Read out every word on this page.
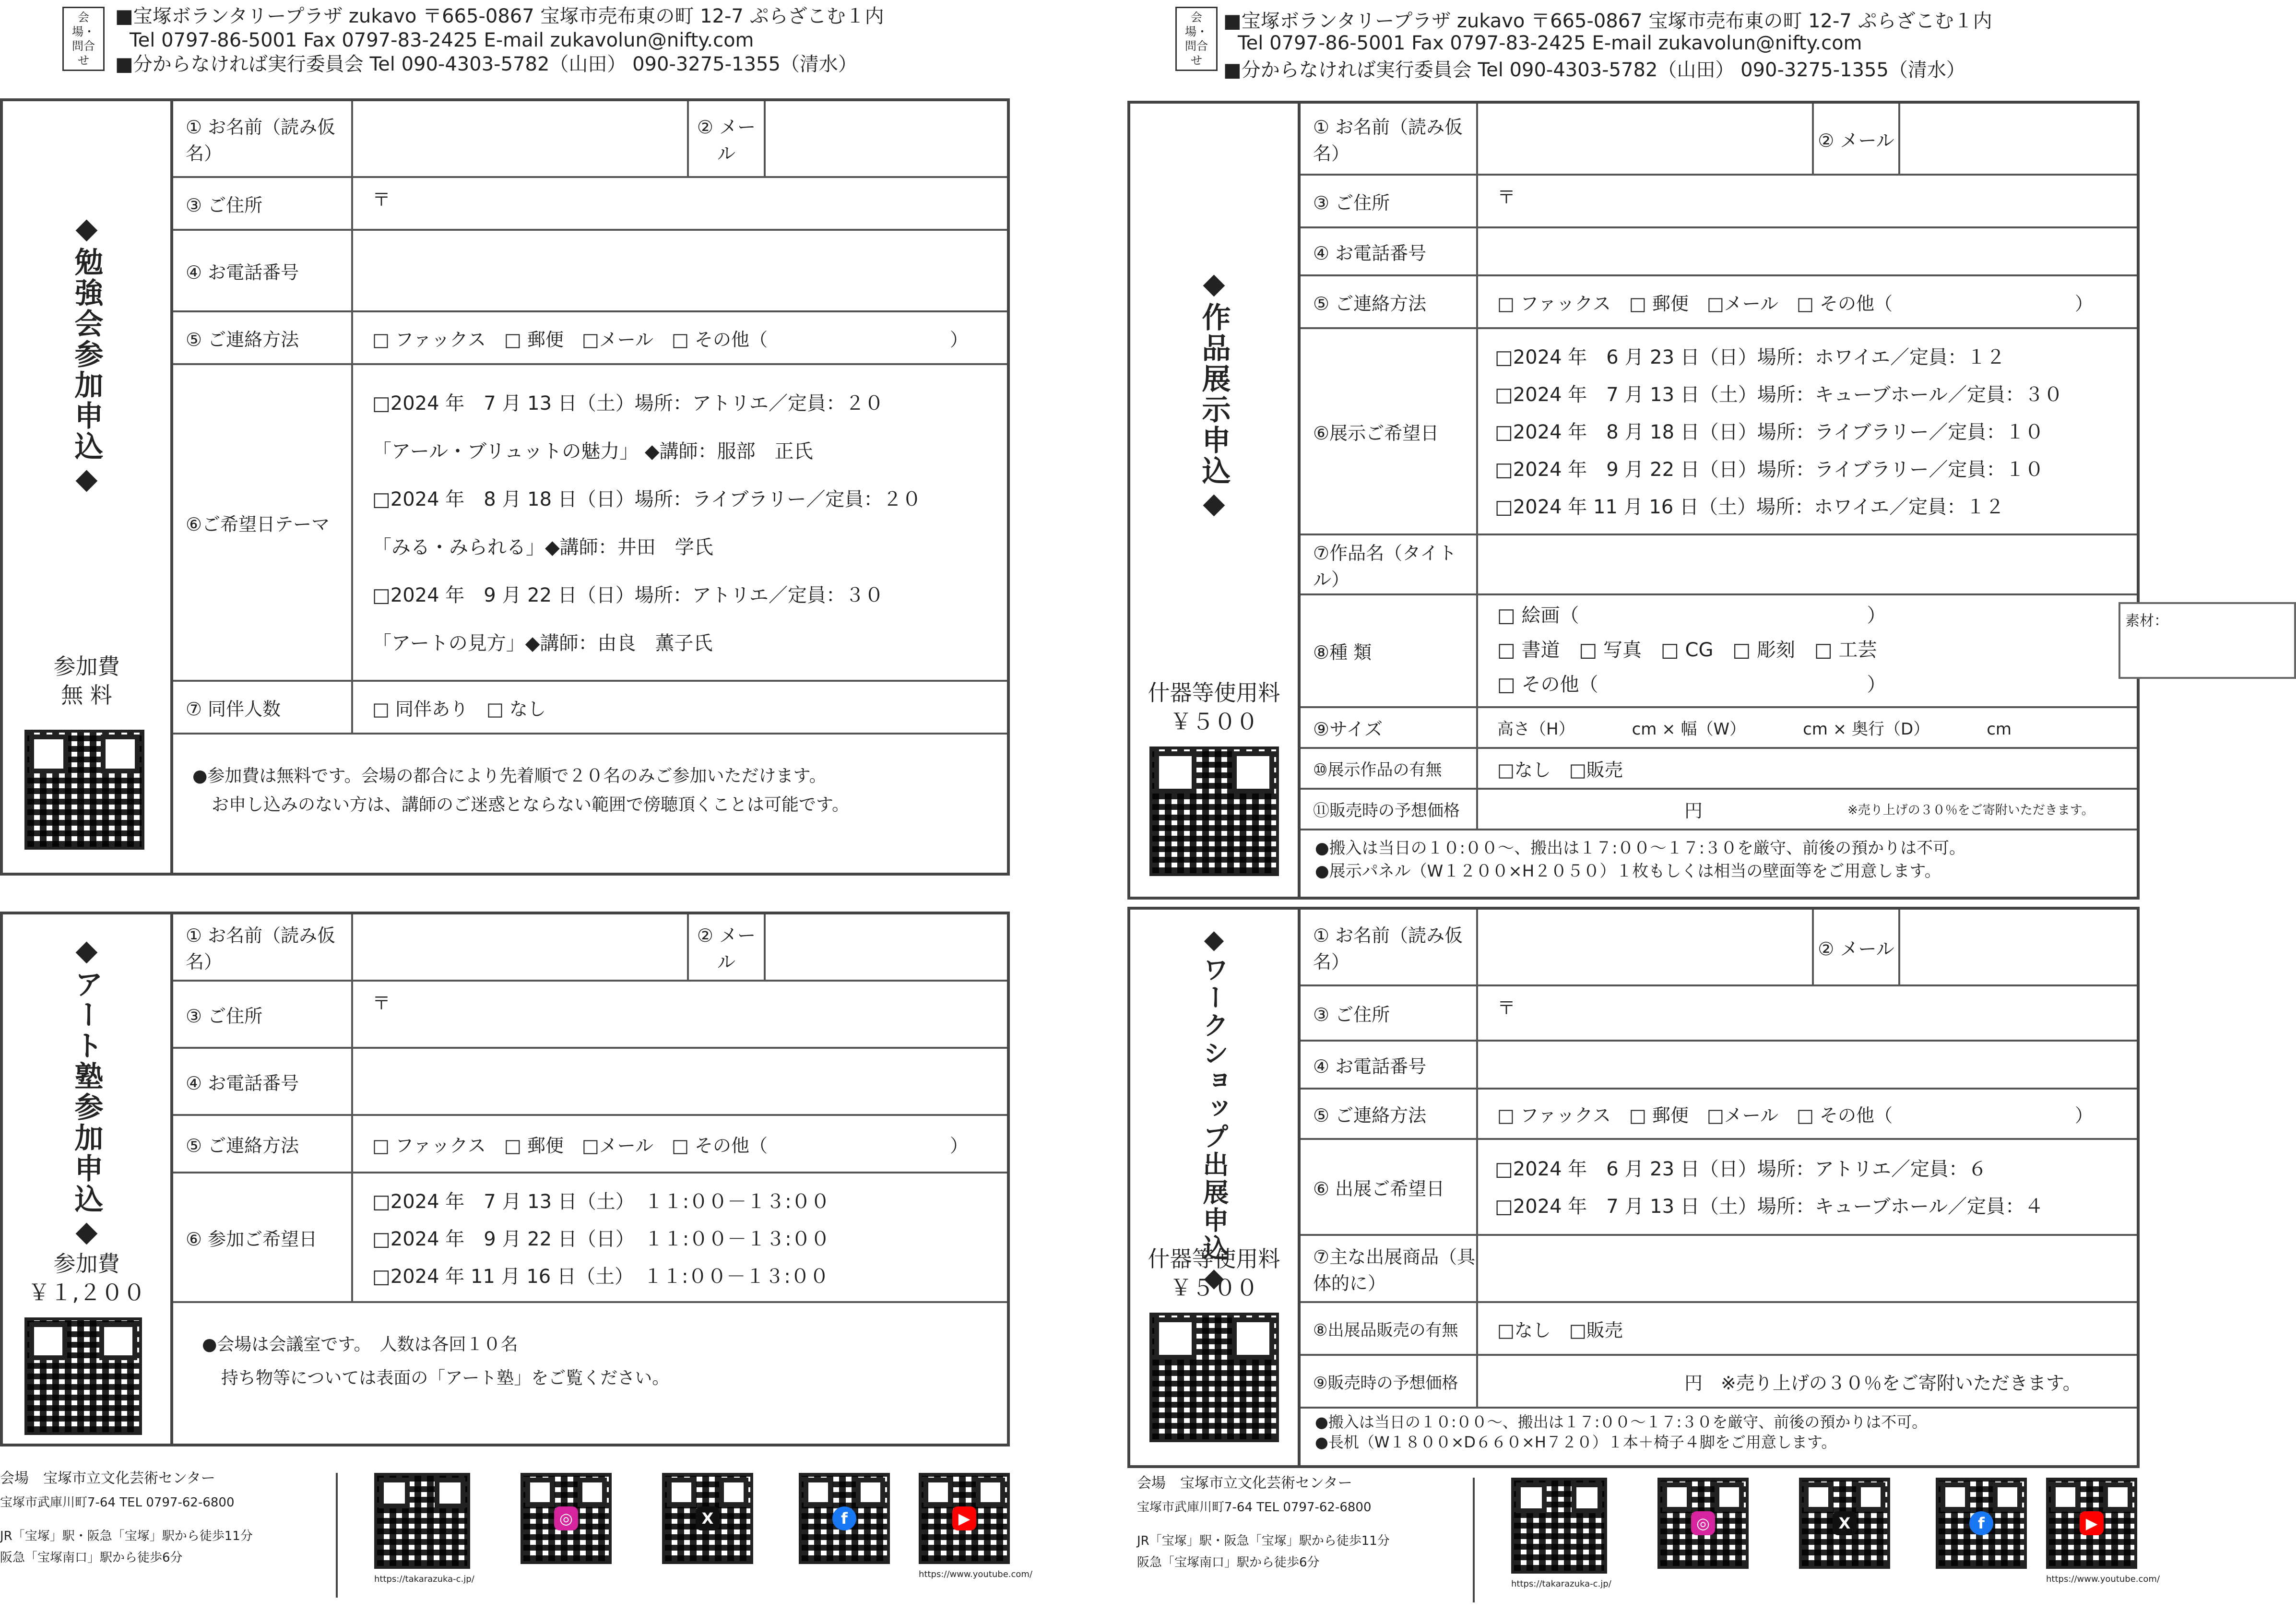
会場・問合せ
■宝塚ボランタリープラザ zukavo 〒665-0867 宝塚市売布東の町 12-7 ぷらざこむ１内
Tel 0797-86-5001 Fax 0797-83-2425 E-mail zukavolun@nifty.com
■分からなければ実行委員会 Tel 090-4303-5782（山田） 090-3275-1355（清水）
会場・問合せ
■宝塚ボランタリープラザ zukavo 〒665-0867 宝塚市売布東の町 12-7 ぷらざこむ１内
Tel 0797-86-5001 Fax 0797-83-2425 E-mail zukavolun@nifty.com
■分からなければ実行委員会 Tel 090-4303-5782（山田） 090-3275-1355（清水）
◆勉強会参加申込◆
参加費
無 料
① お名前（読み仮名）
② メール
③ ご住所	〒
④ お電話番号
⑤ ご連絡方法	□ ファックス　□ 郵便　□メール　□ その他（　　　　　　　　　　）
⑥ご希望日テーマ
□2024 年　7 月 13 日（土）場所：アトリエ／定員：２０
「アール・ブリュットの魅力」 ◆講師：服部　正氏
□2024 年　8 月 18 日（日）場所：ライブラリー／定員：２０
「みる・みられる」◆講師：井田　学氏
□2024 年　9 月 22 日（日）場所：アトリエ／定員：３０
「アートの見方」◆講師：由良　薫子氏
⑦ 同伴人数	□ 同伴あり　□ なし
●参加費は無料です。会場の都合により先着順で２０名のみご参加いただけます。
お申し込みのない方は、講師のご迷惑とならない範囲で傍聴頂くことは可能です。
◆アート塾参加申込◆
参加費
￥１,２００
① お名前（読み仮名）
② メール
③ ご住所
〒
④ お電話番号
⑤ ご連絡方法	□ ファックス　□ 郵便　□メール　□ その他（　　　　　　　　　　）
⑥ 参加ご希望日
□2024 年　7 月 13 日（土）　１１:００－１３:００
□2024 年　9 月 22 日（日）　１１:００－１３:００
□2024 年 11 月 16 日（土）　１１:００－１３:００
●会場は会議室です。　人数は各回１０名
持ち物等については表面の「アート塾」をご覧ください。
◆作品展示申込◆
什器等使用料
￥５００
① お名前（読み仮名）
② メール
③ ご住所	〒
④ お電話番号
⑤ ご連絡方法	□ ファックス　□ 郵便　□メール　□ その他（　　　　　　　　　　）
⑥展示ご希望日
□2024 年　6 月 23 日（日）場所：ホワイエ／定員：１２
□2024 年　7 月 13 日（土）場所：キューブホール／定員：３０
□2024 年　8 月 18 日（日）場所：ライブラリー／定員：１０
□2024 年　9 月 22 日（日）場所：ライブラリー／定員：１０
□2024 年 11 月 16 日（土）場所：ホワイエ／定員：１２
⑦作品名（タイトル）
⑧種 類
□ 絵画（　　　　　　　　　　　　　　　）
□ 書道　□ 写真　□ CG　□ 彫刻　□ 工芸
□ その他（　　　　　　　　　　　　　　）
素材：
⑨サイズ	高さ（H）　　　　cm × 幅（W）　　　　cm × 奥行（D）　　　　cm
⑩展示作品の有無	□なし　□販売
⑪販売時の予想価格	円	※売り上げの３０％をご寄附いただきます。
●搬入は当日の１０:００～、搬出は１７:００～１７:３０を厳守、前後の預かりは不可。
●展示パネル（W１２００×H２０５０）１枚もしくは相当の壁面等をご用意します。
◆ワークショップ出展申込◆
什器等使用料
￥５００
① お名前（読み仮名）
② メール
③ ご住所	〒
④ お電話番号
⑤ ご連絡方法	□ ファックス　□ 郵便　□メール　□ その他（　　　　　　　　　　）
⑥ 出展ご希望日
□2024 年　6 月 23 日（日）場所：アトリエ／定員：６
□2024 年　7 月 13 日（土）場所：キューブホール／定員：４
⑦主な出展商品（具体的に）
⑧出展品販売の有無	□なし　□販売
⑨販売時の予想価格	円　※売り上げの３０％をご寄附いただきます。
●搬入は当日の１０:００～、搬出は１７:００～１７:３０を厳守、前後の預かりは不可。
●長机（W１８００×D６６０×H７２０）１本＋椅子４脚をご用意します。
会場　宝塚市立文化芸術センター
宝塚市武庫川町7-64 TEL 0797-62-6800
JR「宝塚」駅・阪急「宝塚」駅から徒歩11分
阪急「宝塚南口」駅から徒歩6分
https://takarazuka-c.jp/
◎	X	f	▶
https://www.youtube.com/
会場　宝塚市立文化芸術センター
宝塚市武庫川町7-64 TEL 0797-62-6800
JR「宝塚」駅・阪急「宝塚」駅から徒歩11分
阪急「宝塚南口」駅から徒歩6分
https://takarazuka-c.jp/
◎	X	f	▶
https://www.youtube.com/
